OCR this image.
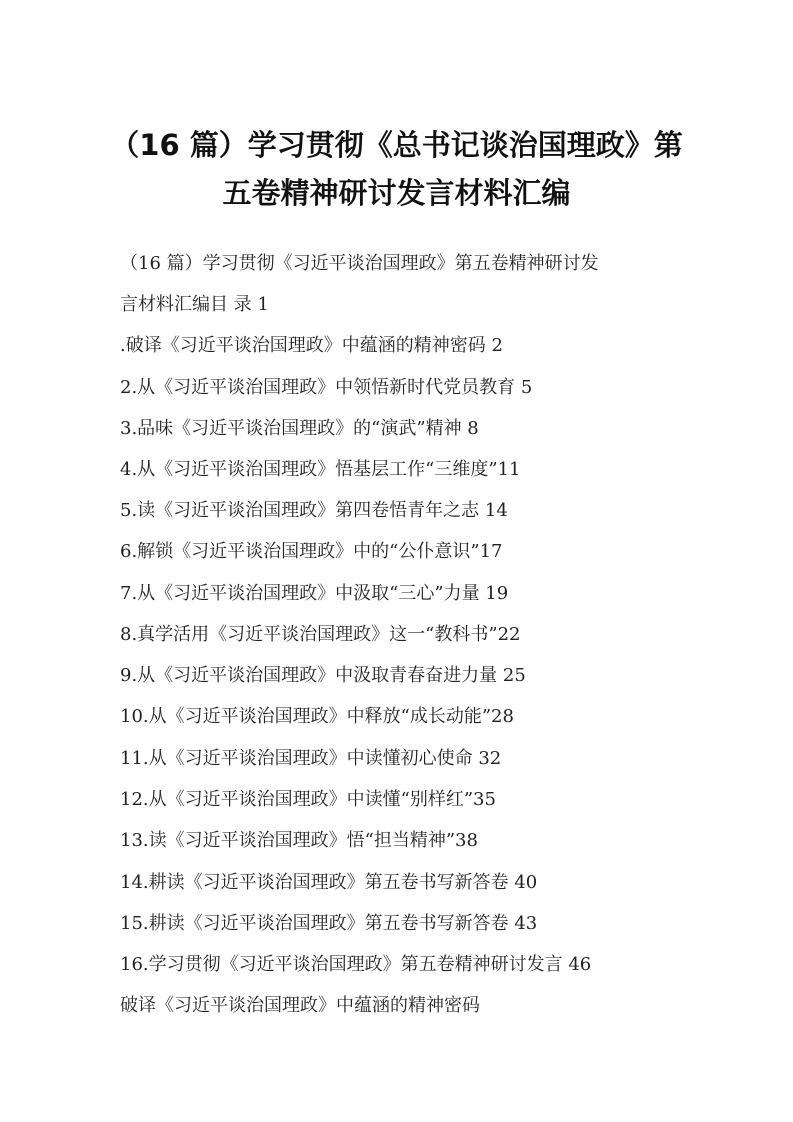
（16 篇）学习贯彻《总书记谈治国理政》第
五卷精神研讨发言材料汇编
（16 篇）学习贯彻《习近平谈治国理政》第五卷精神研讨发
言材料汇编目 录 1
.破译《习近平谈治国理政》中蕴涵的精神密码 2
2.从《习近平谈治国理政》中领悟新时代党员教育 5
3.品味《习近平谈治国理政》的“演武”精神 8
4.从《习近平谈治国理政》悟基层工作“三维度”11
5.读《习近平谈治国理政》第四卷悟青年之志 14
6.解锁《习近平谈治国理政》中的“公仆意识”17
7.从《习近平谈治国理政》中汲取“三心”力量 19
8.真学活用《习近平谈治国理政》这一“教科书”22
9.从《习近平谈治国理政》中汲取青春奋进力量 25
10.从《习近平谈治国理政》中释放“成长动能”28
11.从《习近平谈治国理政》中读懂初心使命 32
12.从《习近平谈治国理政》中读懂“别样红”35
13.读《习近平谈治国理政》悟“担当精神”38
14.耕读《习近平谈治国理政》第五卷书写新答卷 40
15.耕读《习近平谈治国理政》第五卷书写新答卷 43
16.学习贯彻《习近平谈治国理政》第五卷精神研讨发言 46
破译《习近平谈治国理政》中蕴涵的精神密码
